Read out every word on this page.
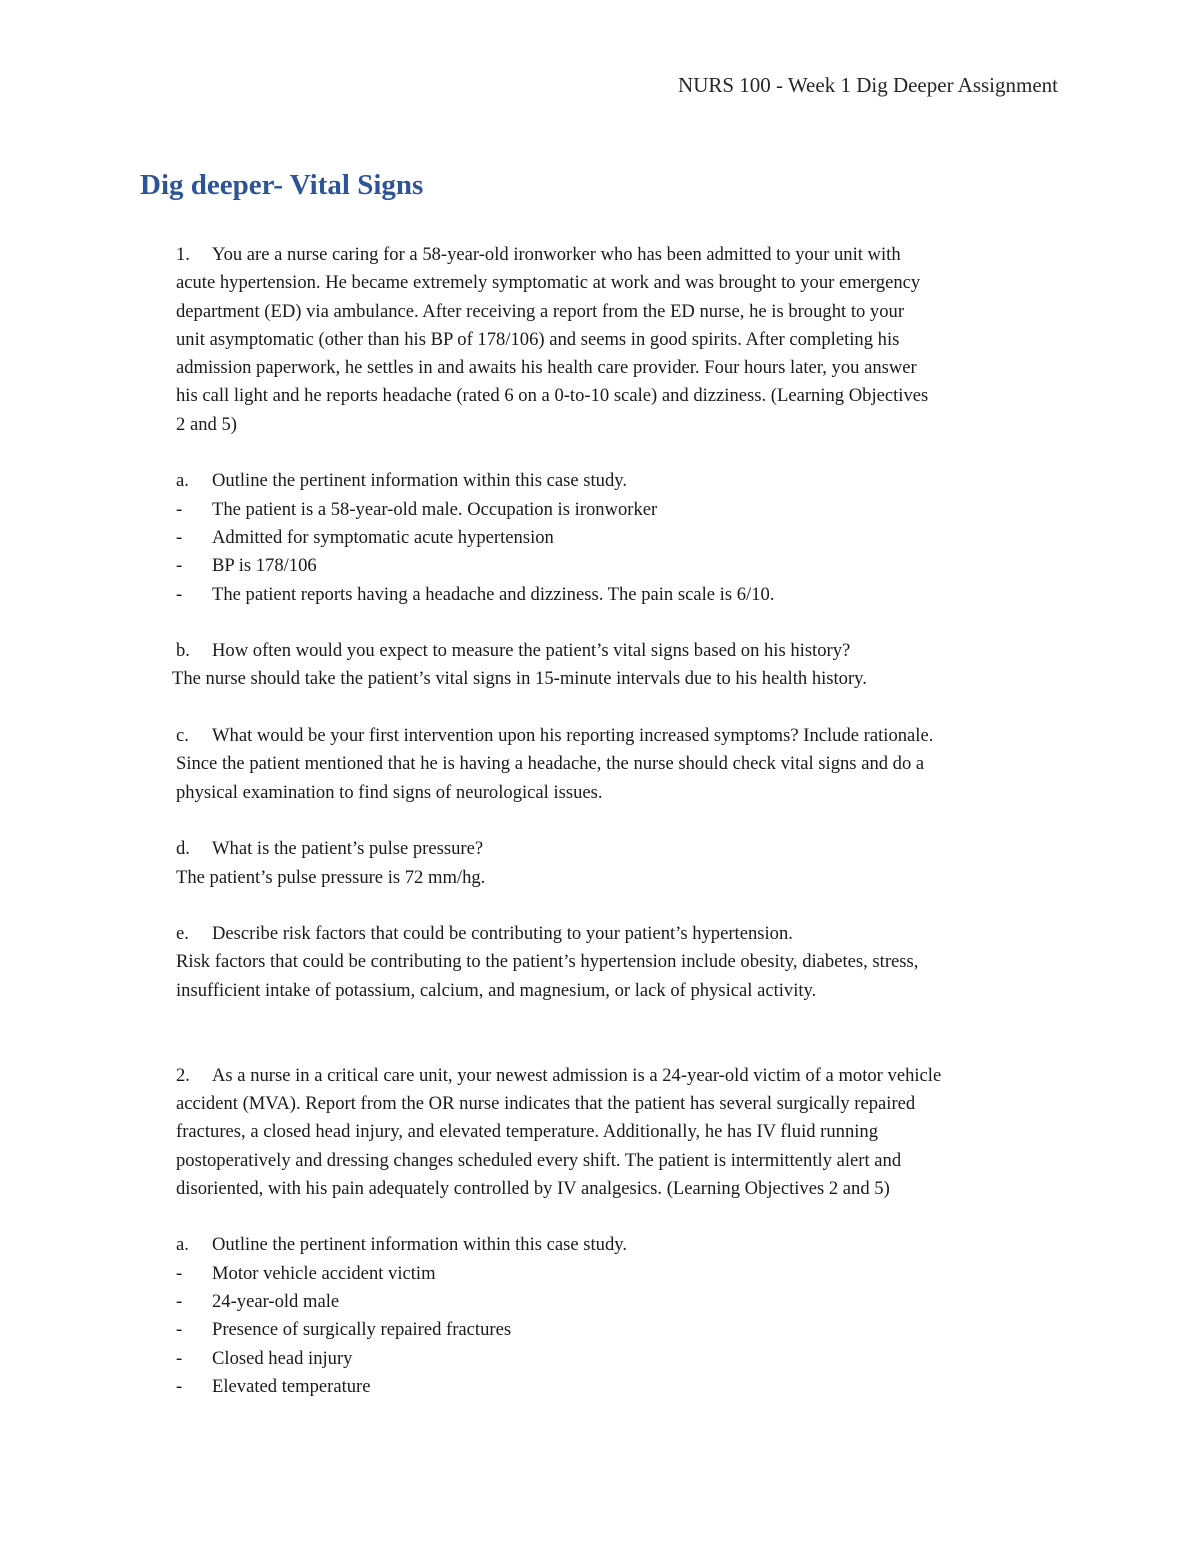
NURS 100 - Week 1 Dig Deeper Assignment
Dig deeper- Vital Signs
1.	You are a nurse caring for a 58-year-old ironworker who has been admitted to your unit with
acute hypertension. He became extremely symptomatic at work and was brought to your emergency
department (ED) via ambulance. After receiving a report from the ED nurse, he is brought to your
unit asymptomatic (other than his BP of 178/106) and seems in good spirits. After completing his
admission paperwork, he settles in and awaits his health care provider. Four hours later, you answer
his call light and he reports headache (rated 6 on a 0-to-10 scale) and dizziness. (Learning Objectives
2 and 5)
a.	Outline the pertinent information within this case study.
-	The patient is a 58-year-old male. Occupation is ironworker
-	Admitted for symptomatic acute hypertension
-	BP is 178/106
-	The patient reports having a headache and dizziness. The pain scale is 6/10.
b.	How often would you expect to measure the patient’s vital signs based on his history?
The nurse should take the patient’s vital signs in 15-minute intervals due to his health history.
c.	What would be your first intervention upon his reporting increased symptoms? Include rationale.
Since the patient mentioned that he is having a headache, the nurse should check vital signs and do a
physical examination to find signs of neurological issues.
d.	What is the patient’s pulse pressure?
The patient’s pulse pressure is 72 mm/hg.
e.	Describe risk factors that could be contributing to your patient’s hypertension.
Risk factors that could be contributing to the patient’s hypertension include obesity, diabetes, stress,
insufficient intake of potassium, calcium, and magnesium, or lack of physical activity.
2.	As a nurse in a critical care unit, your newest admission is a 24-year-old victim of a motor vehicle
accident (MVA). Report from the OR nurse indicates that the patient has several surgically repaired
fractures, a closed head injury, and elevated temperature. Additionally, he has IV fluid running
postoperatively and dressing changes scheduled every shift. The patient is intermittently alert and
disoriented, with his pain adequately controlled by IV analgesics. (Learning Objectives 2 and 5)
a.	Outline the pertinent information within this case study.
-	Motor vehicle accident victim
-	24-year-old male
-	Presence of surgically repaired fractures
-	Closed head injury
-	Elevated temperature
